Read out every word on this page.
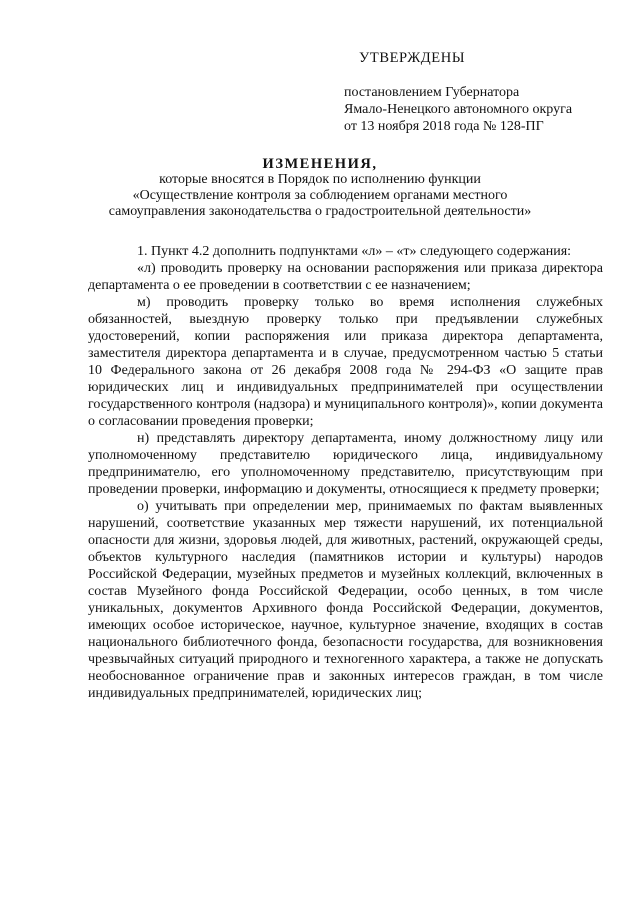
УТВЕРЖДЕНЫ
постановлением Губернатора
Ямало-Ненецкого автономного округа
от 13 ноября 2018 года № 128-ПГ
ИЗМЕНЕНИЯ,
которые вносятся в Порядок по исполнению функции
«Осуществление контроля за соблюдением органами местного
самоуправления законодательства о градостроительной деятельности»

1. Пункт 4.2 дополнить подпунктами «л» – «т» следующего содержания:

«л) проводить проверку на основании распоряжения или приказа директора департамента о ее проведении в соответствии с ее назначением;

м) проводить проверку только во время исполнения служебных обязанностей, выездную проверку только при предъявлении служебных удостоверений, копии распоряжения или приказа директора департамента, заместителя директора департамента и в случае, предусмотренном частью 5 статьи 10 Федерального закона от 26 декабря 2008 года № 294-ФЗ «О защите прав юридических лиц и индивидуальных предпринимателей при осуществлении государственного контроля (надзора) и муниципального контроля)», копии документа о согласовании проведения проверки;

н) представлять директору департамента, иному должностному лицу или уполномоченному представителю юридического лица, индивидуальному предпринимателю, его уполномоченному представителю, присутствующим при проведении проверки, информацию и документы, относящиеся к предмету проверки;

о) учитывать при определении мер, принимаемых по фактам выявленных нарушений, соответствие указанных мер тяжести нарушений, их потенциальной опасности для жизни, здоровья людей, для животных, растений, окружающей среды, объектов культурного наследия (памятников истории и культуры) народов Российской Федерации, музейных предметов и музейных коллекций, включенных в состав Музейного фонда Российской Федерации, особо ценных, в том числе уникальных, документов Архивного фонда Российской Федерации, документов, имеющих особое историческое, научное, культурное значение, входящих в состав национального библиотечного фонда, безопасности государства, для возникновения чрезвычайных ситуаций природного и техногенного характера, а также не допускать необоснованное ограничение прав и законных интересов граждан, в том числе индивидуальных предпринимателей, юридических лиц;
